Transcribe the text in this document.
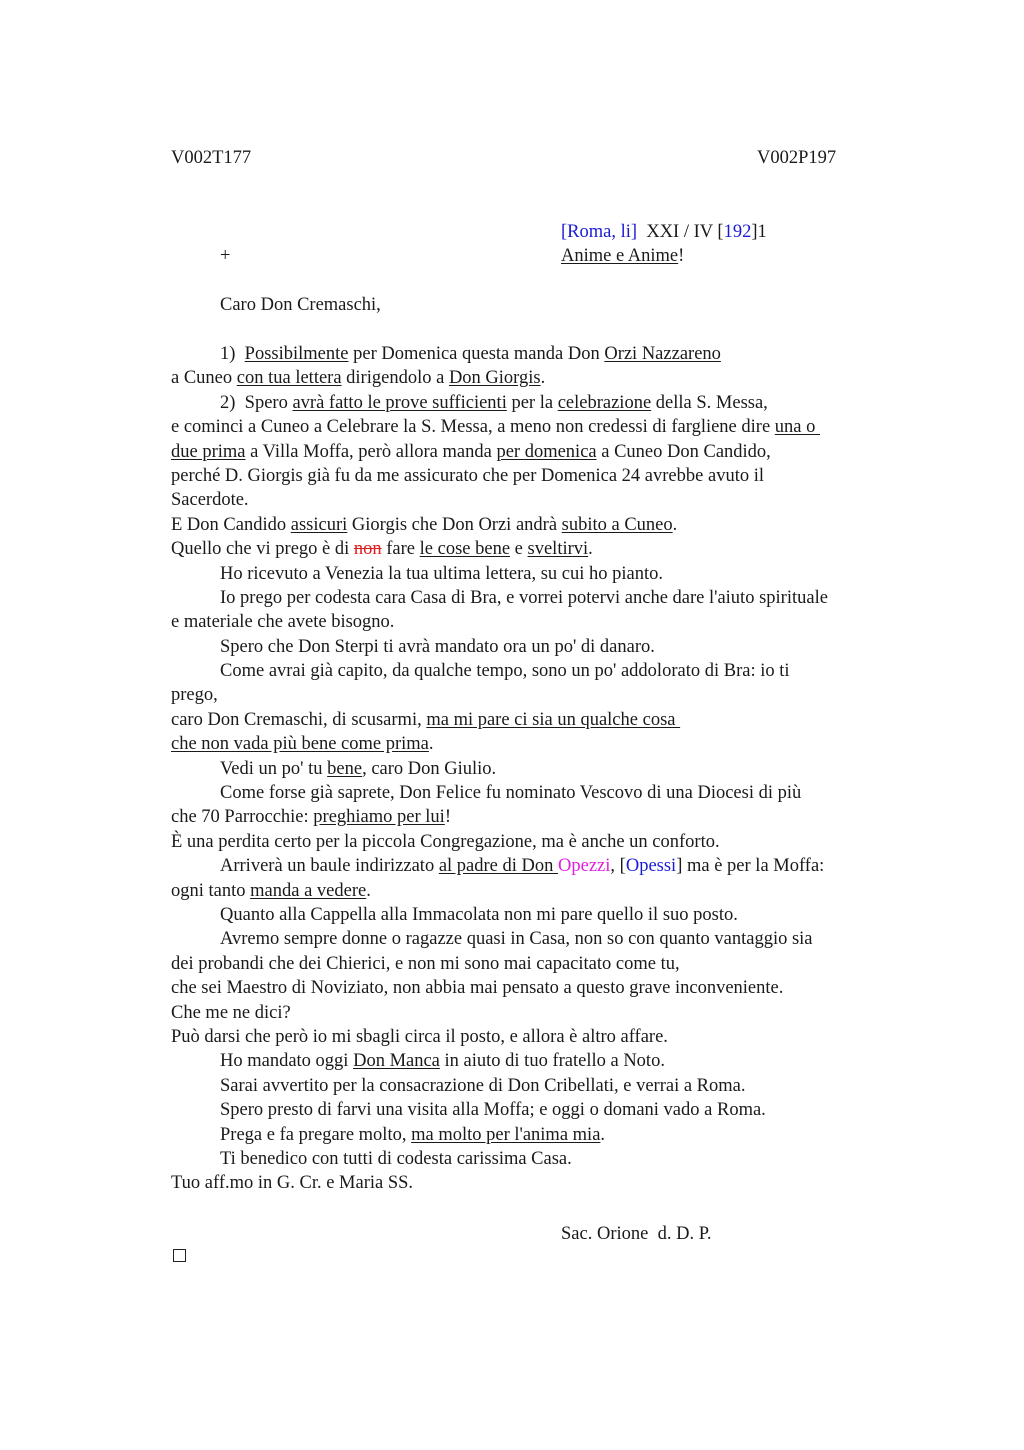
V002T177	V002P197
[Roma, li]  XXI / IV [192]1
+	Anime e Anime!
Caro Don Cremaschi,
1)  Possibilmente per Domenica questa manda Don Orzi Nazzareno
a Cuneo con tua lettera dirigendolo a Don Giorgis.
2)  Spero avrà fatto le prove sufficienti per la celebrazione della S. Messa,
e cominci a Cuneo a Celebrare la S. Messa, a meno non credessi di fargliene dire una o
due prima a Villa Moffa, però allora manda per domenica a Cuneo Don Candido,
perché D. Giorgis già fu da me assicurato che per Domenica 24 avrebbe avuto il
Sacerdote.
E Don Candido assicuri Giorgis che Don Orzi andrà subito a Cuneo.
Quello che vi prego è di non fare le cose bene e sveltirvi.
Ho ricevuto a Venezia la tua ultima lettera, su cui ho pianto.
Io prego per codesta cara Casa di Bra, e vorrei potervi anche dare l'aiuto spirituale
e materiale che avete bisogno.
Spero che Don Sterpi ti avrà mandato ora un po' di danaro.
Come avrai già capito, da qualche tempo, sono un po' addolorato di Bra: io ti
prego,
caro Don Cremaschi, di scusarmi, ma mi pare ci sia un qualche cosa
che non vada più bene come prima.
Vedi un po' tu bene, caro Don Giulio.
Come forse già saprete, Don Felice fu nominato Vescovo di una Diocesi di più
che 70 Parrocchie: preghiamo per lui!
È una perdita certo per la piccola Congregazione, ma è anche un conforto.
Arriverà un baule indirizzato al padre di Don Opezzi, [Opessi] ma è per la Moffa:
ogni tanto manda a vedere.
Quanto alla Cappella alla Immacolata non mi pare quello il suo posto.
Avremo sempre donne o ragazze quasi in Casa, non so con quanto vantaggio sia
dei probandi che dei Chierici, e non mi sono mai capacitato come tu,
che sei Maestro di Noviziato, non abbia mai pensato a questo grave inconveniente.
Che me ne dici?
Può darsi che però io mi sbagli circa il posto, e allora è altro affare.
Ho mandato oggi Don Manca in aiuto di tuo fratello a Noto.
Sarai avvertito per la consacrazione di Don Cribellati, e verrai a Roma.
Spero presto di farvi una visita alla Moffa; e oggi o domani vado a Roma.
Prega e fa pregare molto, ma molto per l'anima mia.
Ti benedico con tutti di codesta carissima Casa.
Tuo aff.mo in G. Cr. e Maria SS.
Sac. Orione  d. D. P.
